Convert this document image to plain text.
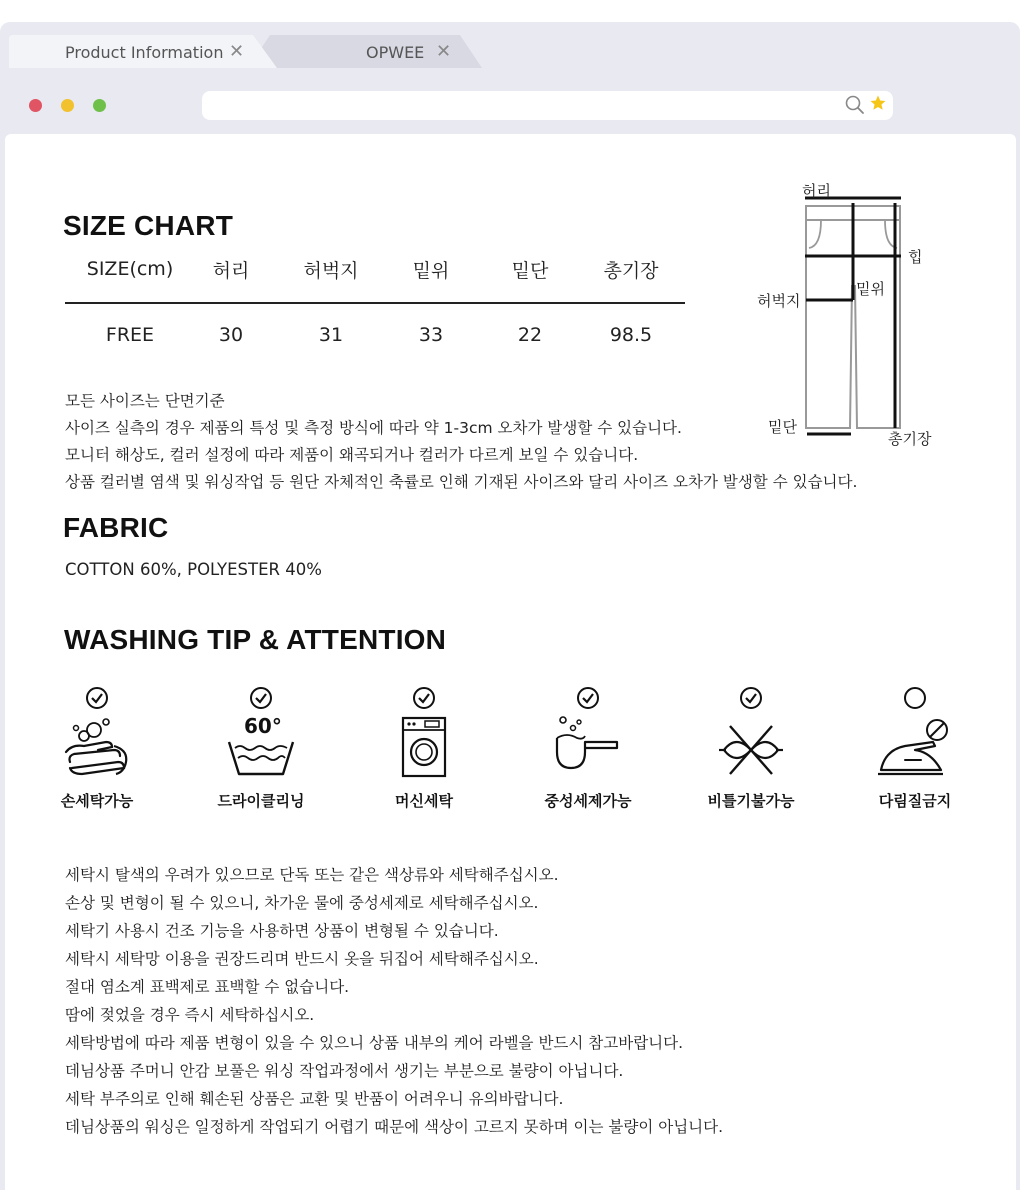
OPWEE ✕
Product Information ✕
SIZE CHART
SIZE(cm)	허리	허벅지	밑위	밑단	총기장
FREE	30	31	33	22	98.5
모든 사이즈는 단면기준
사이즈 실측의 경우 제품의 특성 및 측정 방식에 따라 약 1-3cm 오차가 발생할 수 있습니다.
모니터 해상도, 컬러 설정에 따라 제품이 왜곡되거나 컬러가 다르게 보일 수 있습니다.
상품 컬러별 염색 및 워싱작업 등 원단 자체적인 축률로 인해 기재된 사이즈와 달리 사이즈 오차가 발생할 수 있습니다.
허리
힙
허벅지
밑위
밑단
총기장
FABRIC
COTTON 60%, POLYESTER 40%
WASHING TIP & ATTENTION
손세탁가능
60°
드라이클리닝	머신세탁	중성세제가능	비틀기불가능	다림질금지
세탁시 탈색의 우려가 있으므로 단독 또는 같은 색상류와 세탁해주십시오.
손상 및 변형이 될 수 있으니, 차가운 물에 중성세제로 세탁해주십시오.
세탁기 사용시 건조 기능을 사용하면 상품이 변형될 수 있습니다.
세탁시 세탁망 이용을 권장드리며 반드시 옷을 뒤집어 세탁해주십시오.
절대 염소계 표백제로 표백할 수 없습니다.
땀에 젖었을 경우 즉시 세탁하십시오.
세탁방법에 따라 제품 변형이 있을 수 있으니 상품 내부의 케어 라벨을 반드시 참고바랍니다.
데님상품 주머니 안감 보풀은 워싱 작업과정에서 생기는 부분으로 불량이 아닙니다.
세탁 부주의로 인해 훼손된 상품은 교환 및 반품이 어려우니 유의바랍니다.
데님상품의 워싱은 일정하게 작업되기 어렵기 때문에 색상이 고르지 못하며 이는 불량이 아닙니다.
